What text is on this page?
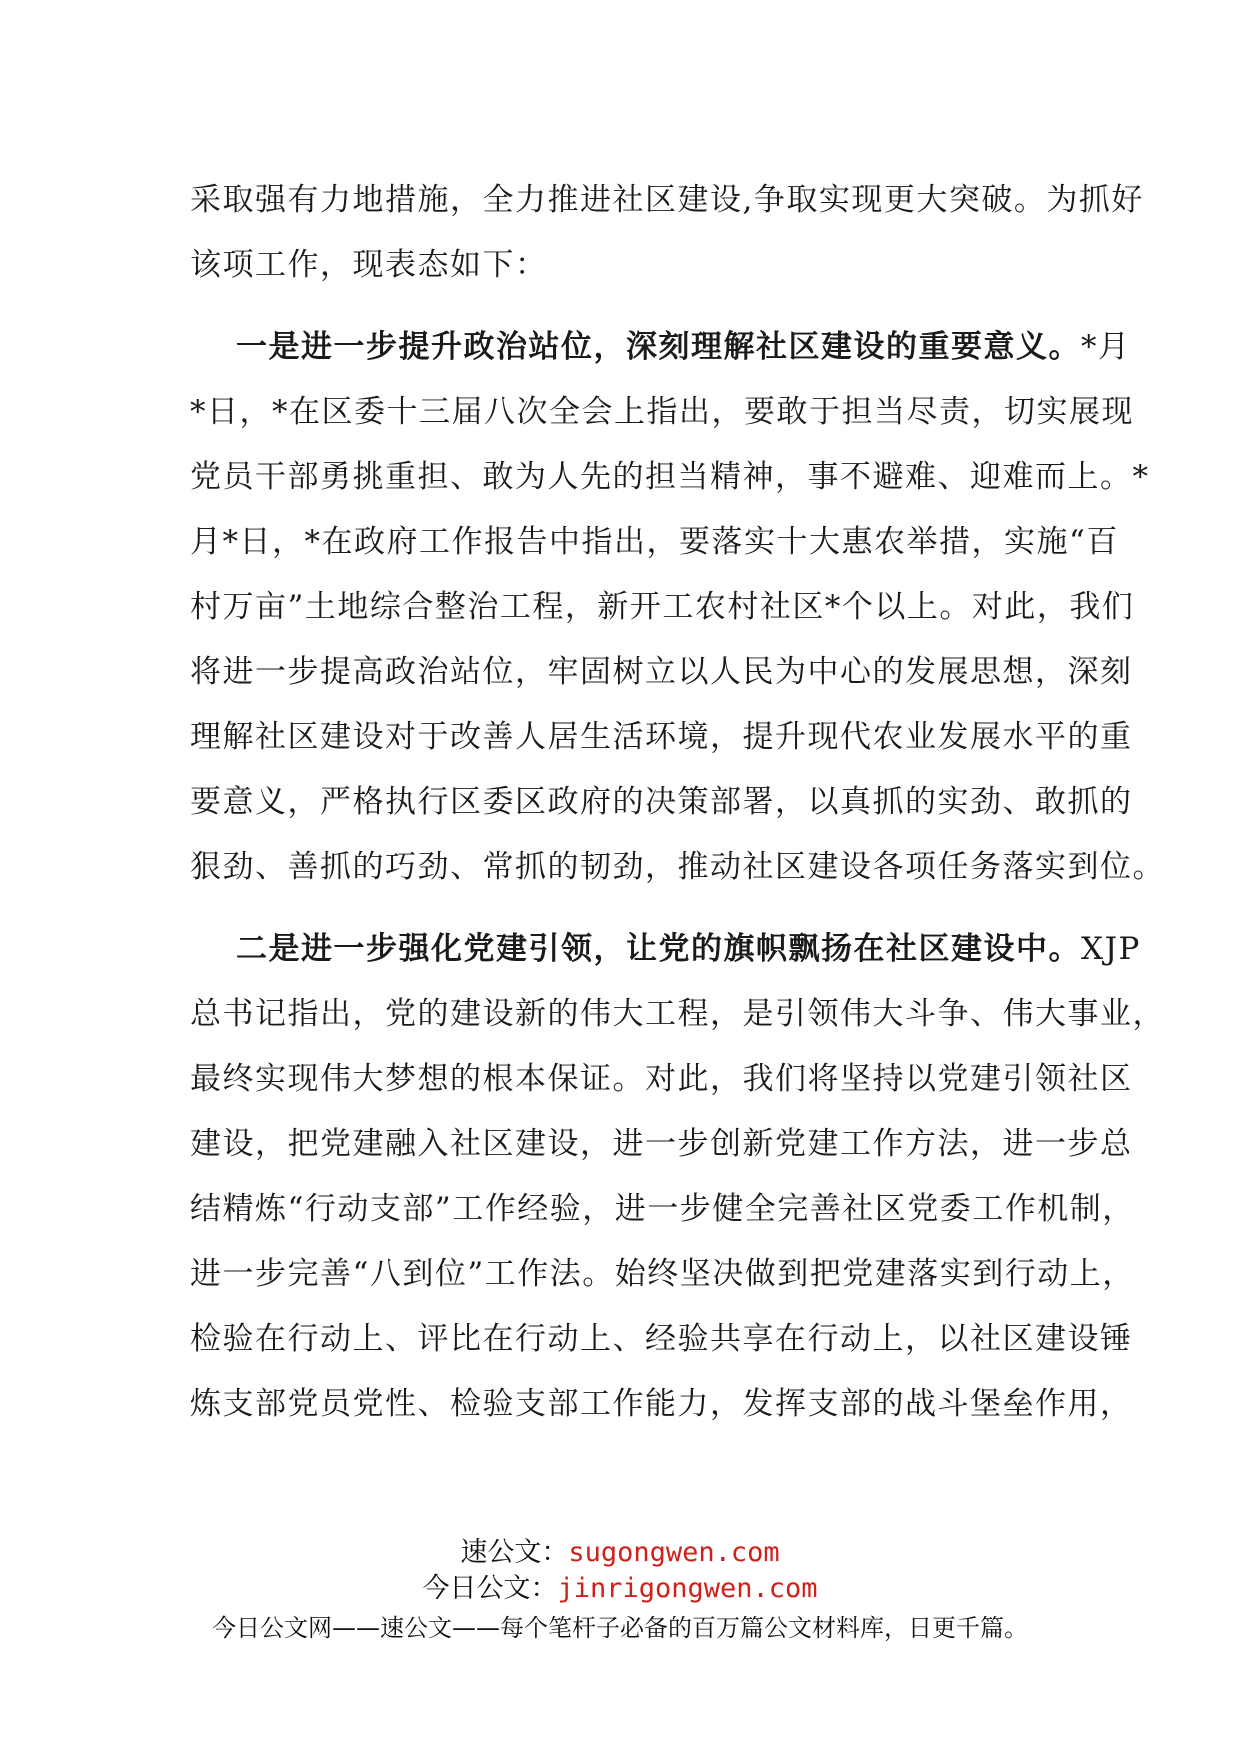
采取强有力地措施，全力推进社区建设,争取实现更大突破。为抓好
该项工作，现表态如下：
一是进一步提升政治站位，深刻理解社区建设的重要意义。*月
*日，*在区委十三届八次全会上指出，要敢于担当尽责，切实展现
党员干部勇挑重担、敢为人先的担当精神，事不避难、迎难而上。*
月*日，*在政府工作报告中指出，要落实十大惠农举措，实施“百
村万亩”土地综合整治工程，新开工农村社区*个以上。对此，我们
将进一步提高政治站位，牢固树立以人民为中心的发展思想，深刻
理解社区建设对于改善人居生活环境，提升现代农业发展水平的重
要意义，严格执行区委区政府的决策部署，以真抓的实劲、敢抓的
狠劲、善抓的巧劲、常抓的韧劲，推动社区建设各项任务落实到位。
二是进一步强化党建引领，让党的旗帜飘扬在社区建设中。XJP
总书记指出，党的建设新的伟大工程，是引领伟大斗争、伟大事业，
最终实现伟大梦想的根本保证。对此，我们将坚持以党建引领社区
建设，把党建融入社区建设，进一步创新党建工作方法，进一步总
结精炼“行动支部”工作经验，进一步健全完善社区党委工作机制，
进一步完善“八到位”工作法。始终坚决做到把党建落实到行动上，
检验在行动上、评比在行动上、经验共享在行动上，以社区建设锤
炼支部党员党性、检验支部工作能力，发挥支部的战斗堡垒作用，
速公文：sugongwen.com
今日公文：jinrigongwen.com
今日公文网——速公文——每个笔杆子必备的百万篇公文材料库，日更千篇。
